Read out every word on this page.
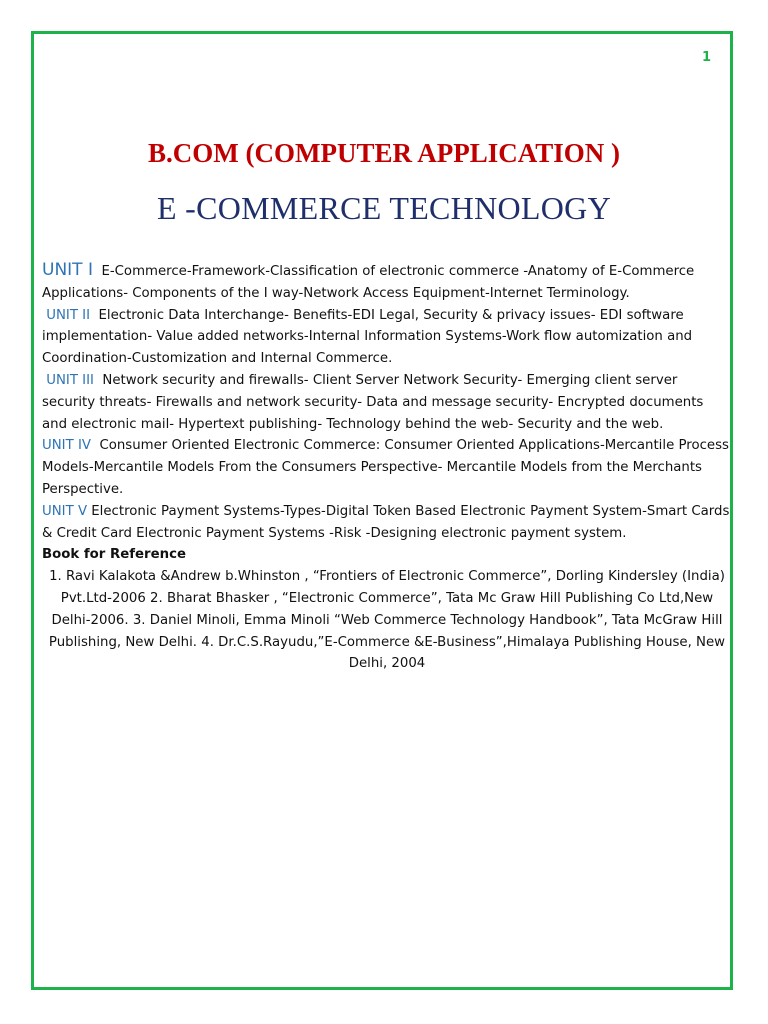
1
B.COM (COMPUTER APPLICATION )
E -COMMERCE TECHNOLOGY

UNIT I E-Commerce-Framework-Classification of electronic commerce -Anatomy of E-Commerce Applications- Components of the I way-Network Access Equipment-Internet Terminology.

UNIT II Electronic Data Interchange- Benefits-EDI Legal, Security & privacy issues- EDI software implementation- Value added networks-Internal Information Systems-Work flow automization and Coordination-Customization and Internal Commerce.

UNIT III Network security and firewalls- Client Server Network Security- Emerging client server security threats- Firewalls and network security- Data and message security- Encrypted documents and electronic mail- Hypertext publishing- Technology behind the web- Security and the web.

UNIT IV Consumer Oriented Electronic Commerce: Consumer Oriented Applications-Mercantile Process Models-Mercantile Models From the Consumers Perspective- Mercantile Models from the Merchants Perspective.

UNIT V Electronic Payment Systems-Types-Digital Token Based Electronic Payment System-Smart Cards & Credit Card Electronic Payment Systems -Risk -Designing electronic payment system.

Book for Reference

1. Ravi Kalakota &Andrew b.Whinston , “Frontiers of Electronic Commerce”, Dorling Kindersley (India) Pvt.Ltd-2006 2. Bharat Bhasker , “Electronic Commerce”, Tata Mc Graw Hill Publishing Co Ltd,New Delhi-2006. 3. Daniel Minoli, Emma Minoli “Web Commerce Technology Handbook”, Tata McGraw Hill Publishing, New Delhi. 4. Dr.C.S.Rayudu,”E-Commerce &E-Business”,Himalaya Publishing House, New Delhi, 2004
